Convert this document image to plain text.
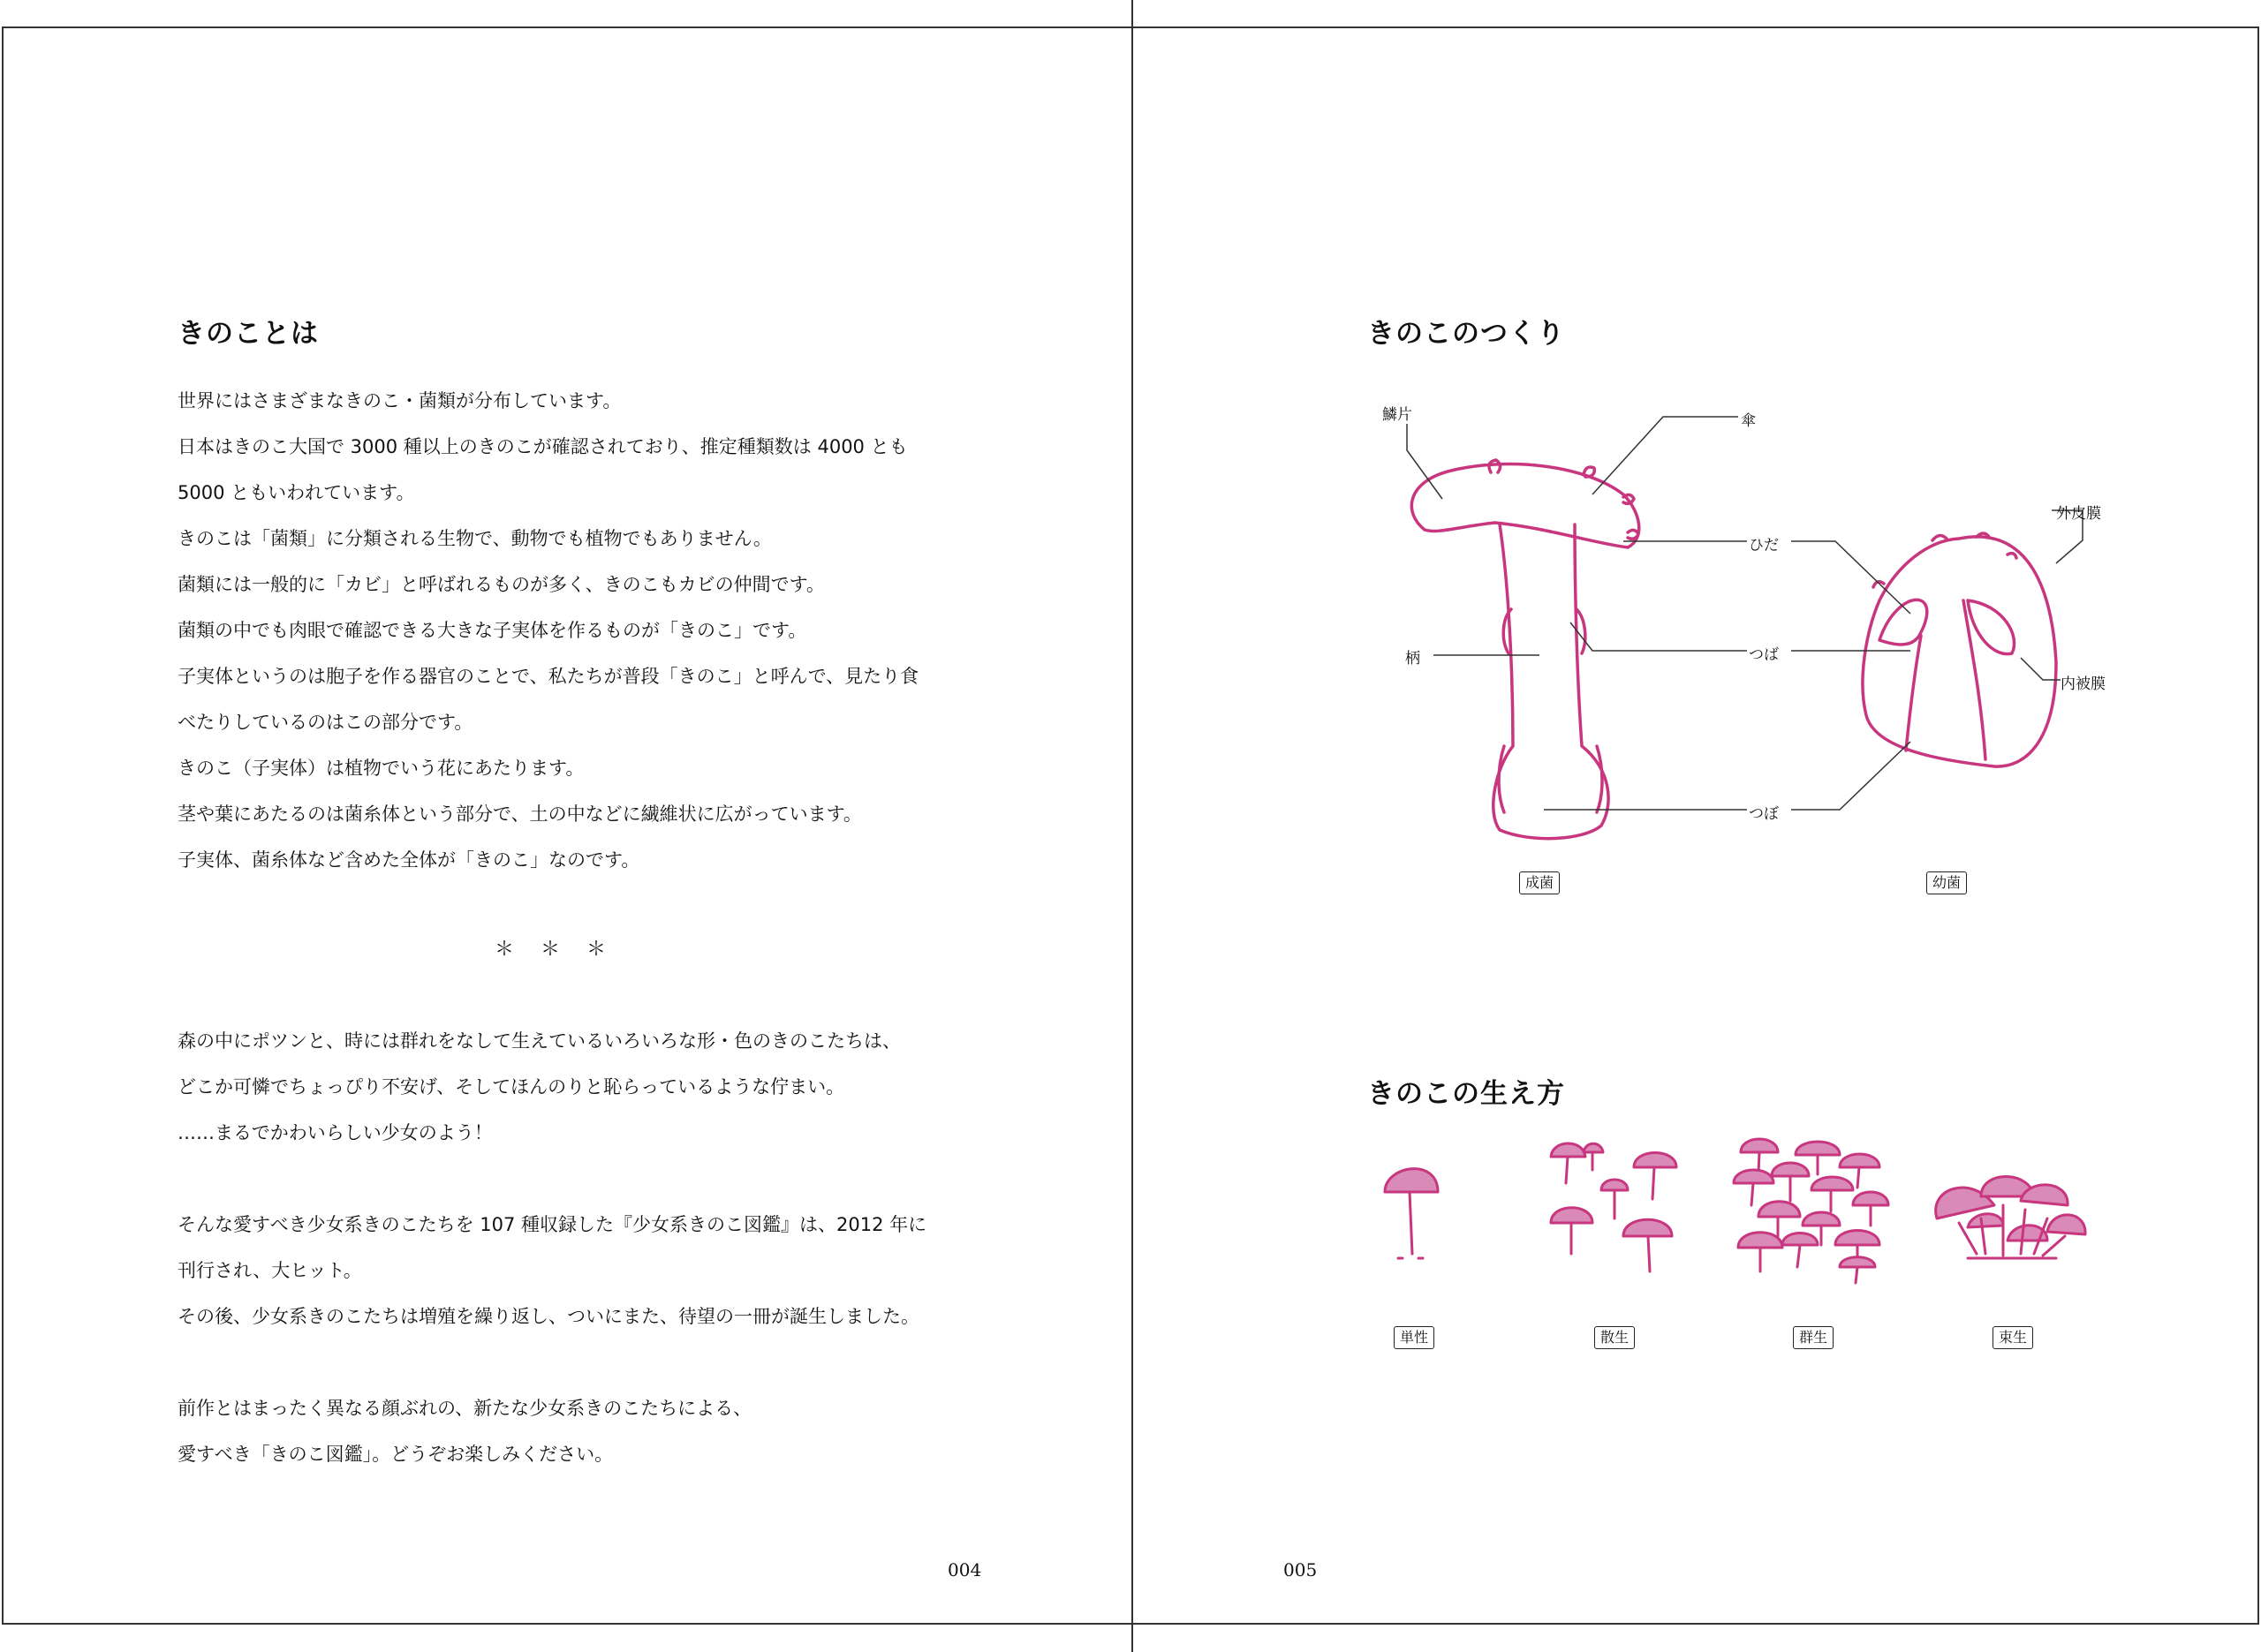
きのことは
世界にはさまざまなきのこ・菌類が分布しています。
日本はきのこ大国で 3000 種以上のきのこが確認されており、推定種類数は 4000 とも
5000 ともいわれています。
きのこは「菌類」に分類される生物で、動物でも植物でもありません。
菌類には一般的に「カビ」と呼ばれるものが多く、きのこもカビの仲間です。
菌類の中でも肉眼で確認できる大きな子実体を作るものが「きのこ」です。
子実体というのは胞子を作る器官のことで、私たちが普段「きのこ」と呼んで、見たり食
べたりしているのはこの部分です。
きのこ（子実体）は植物でいう花にあたります。
茎や葉にあたるのは菌糸体という部分で、土の中などに繊維状に広がっています。
子実体、菌糸体など含めた全体が「きのこ」なのです。
＊＊＊
森の中にポツンと、時には群れをなして生えているいろいろな形・色のきのこたちは、
どこか可憐でちょっぴり不安げ、そしてほんのりと恥らっているような佇まい。
……まるでかわいらしい少女のよう！
そんな愛すべき少女系きのこたちを 107 種収録した『少女系きのこ図鑑』は、2012 年に
刊行され、大ヒット。
その後、少女系きのこたちは増殖を繰り返し、ついにまた、待望の一冊が誕生しました。
前作とはまったく異なる顔ぶれの、新たな少女系きのこたちによる、
愛すべき「きのこ図鑑」。どうぞお楽しみください。
004
きのこのつくり
鱗片	傘
ひだ
つば
柄
つぼ
外皮膜
内被膜
成菌	幼菌
きのこの生え方
単性	散生	群生	束生
005
